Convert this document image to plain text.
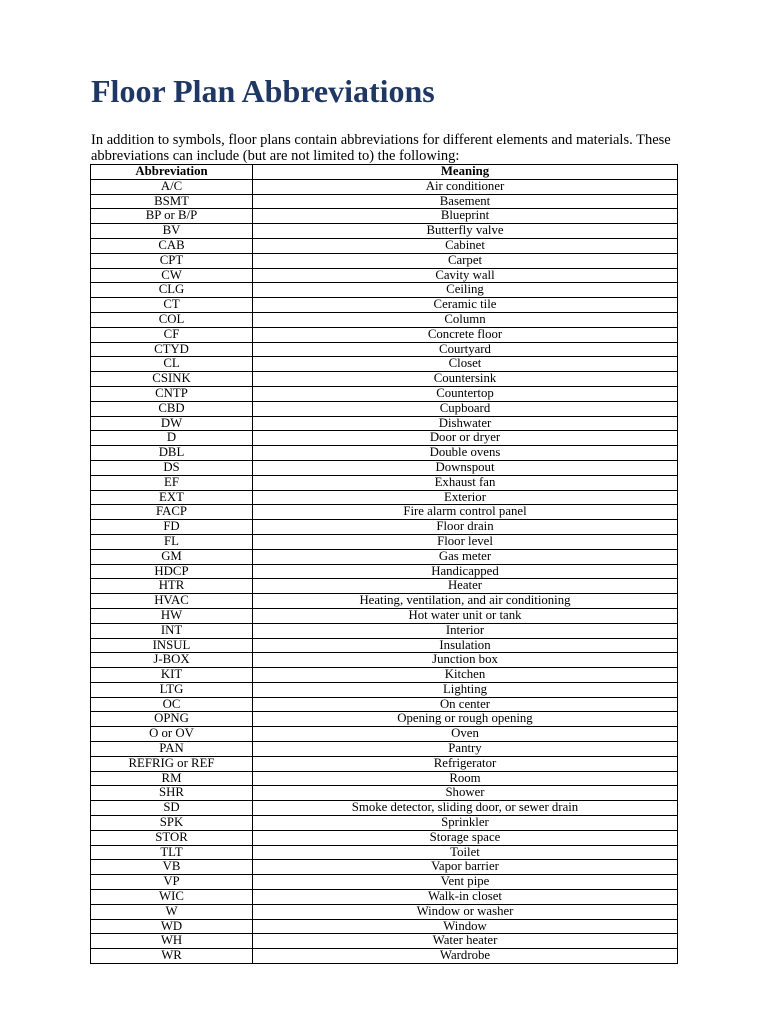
Floor Plan Abbreviations

In addition to symbols, floor plans contain abbreviations for different elements and materials. These abbreviations can include (but are not limited to) the following:

Abbreviation	Meaning
A/C	Air conditioner
BSMT	Basement
BP or B/P	Blueprint
BV	Butterfly valve
CAB	Cabinet
CPT	Carpet
CW	Cavity wall
CLG	Ceiling
CT	Ceramic tile
COL	Column
CF	Concrete floor
CTYD	Courtyard
CL	Closet
CSINK	Countersink
CNTP	Countertop
CBD	Cupboard
DW	Dishwater
D	Door or dryer
DBL	Double ovens
DS	Downspout
EF	Exhaust fan
EXT	Exterior
FACP	Fire alarm control panel
FD	Floor drain
FL	Floor level
GM	Gas meter
HDCP	Handicapped
HTR	Heater
HVAC	Heating, ventilation, and air conditioning
HW	Hot water unit or tank
INT	Interior
INSUL	Insulation
J-BOX	Junction box
KIT	Kitchen
LTG	Lighting
OC	On center
OPNG	Opening or rough opening
O or OV	Oven
PAN	Pantry
REFRIG or REF	Refrigerator
RM	Room
SHR	Shower
SD	Smoke detector, sliding door, or sewer drain
SPK	Sprinkler
STOR	Storage space
TLT	Toilet
VB	Vapor barrier
VP	Vent pipe
WIC	Walk-in closet
W	Window or washer
WD	Window
WH	Water heater
WR	Wardrobe
